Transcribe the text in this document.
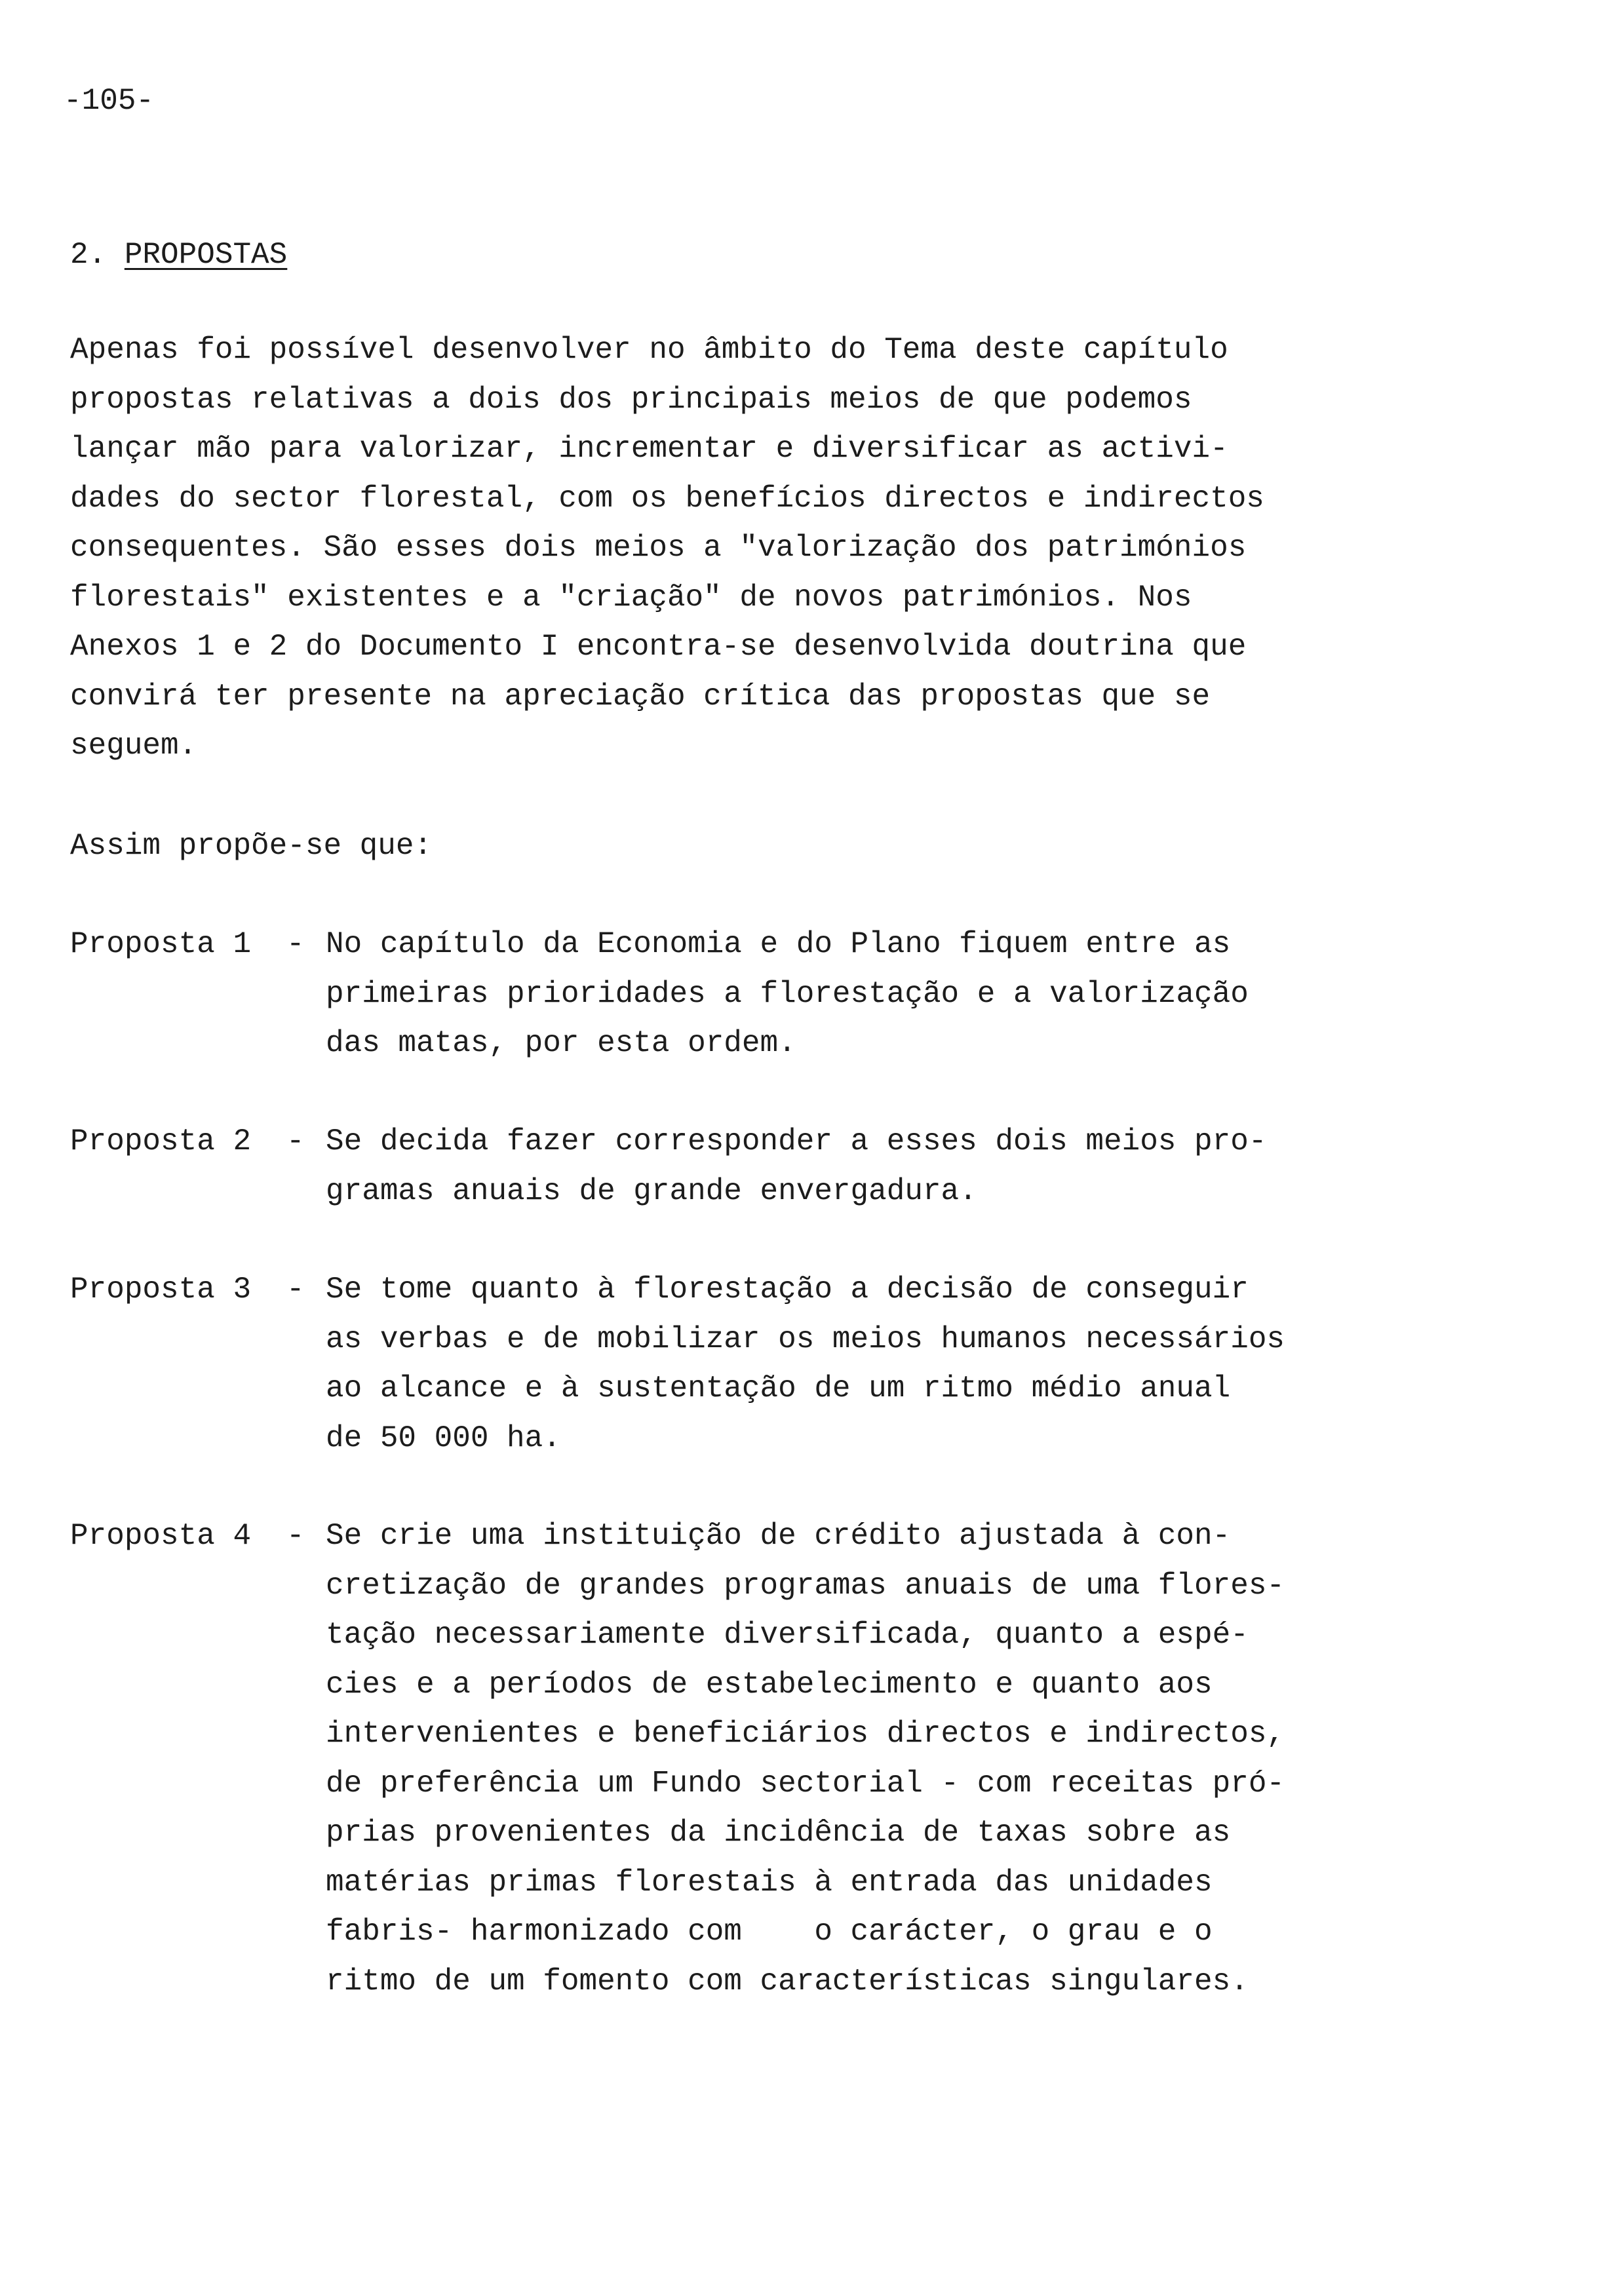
-105-
2. PROPOSTAS
Apenas foi possível desenvolver no âmbito do Tema deste capítulo
propostas relativas a dois dos principais meios de que podemos
lançar mão para valorizar, incrementar e diversificar as activi-
dades do sector florestal, com os benefícios directos e indirectos
consequentes. São esses dois meios a "valorização dos patrimónios
florestais" existentes e a "criação" de novos patrimónios. Nos
Anexos 1 e 2 do Documento I encontra-se desenvolvida doutrina que
convirá ter presente na apreciação crítica das propostas que se
seguem.
Assim propõe-se que:

Proposta 1

-

No capítulo da Economia e do Plano fiquem entre as
primeiras prioridades a florestação e a valorização
das matas, por esta ordem.

Proposta 2

-

Se decida fazer corresponder a esses dois meios pro-
gramas anuais de grande envergadura.

Proposta 3

-

Se tome quanto à florestação a decisão de conseguir
as verbas e de mobilizar os meios humanos necessários
ao alcance e à sustentação de um ritmo médio anual
de 50 000 ha.

Proposta 4

-

Se crie uma instituição de crédito ajustada à con-
cretização de grandes programas anuais de uma flores-
tação necessariamente diversificada, quanto a espé-
cies e a períodos de estabelecimento e quanto aos
intervenientes e beneficiários directos e indirectos,
de preferência um Fundo sectorial - com receitas pró-
prias provenientes da incidência de taxas sobre as
matérias primas florestais à entrada das unidades
fabris- harmonizado com    o carácter, o grau e o
ritmo de um fomento com características singulares.
